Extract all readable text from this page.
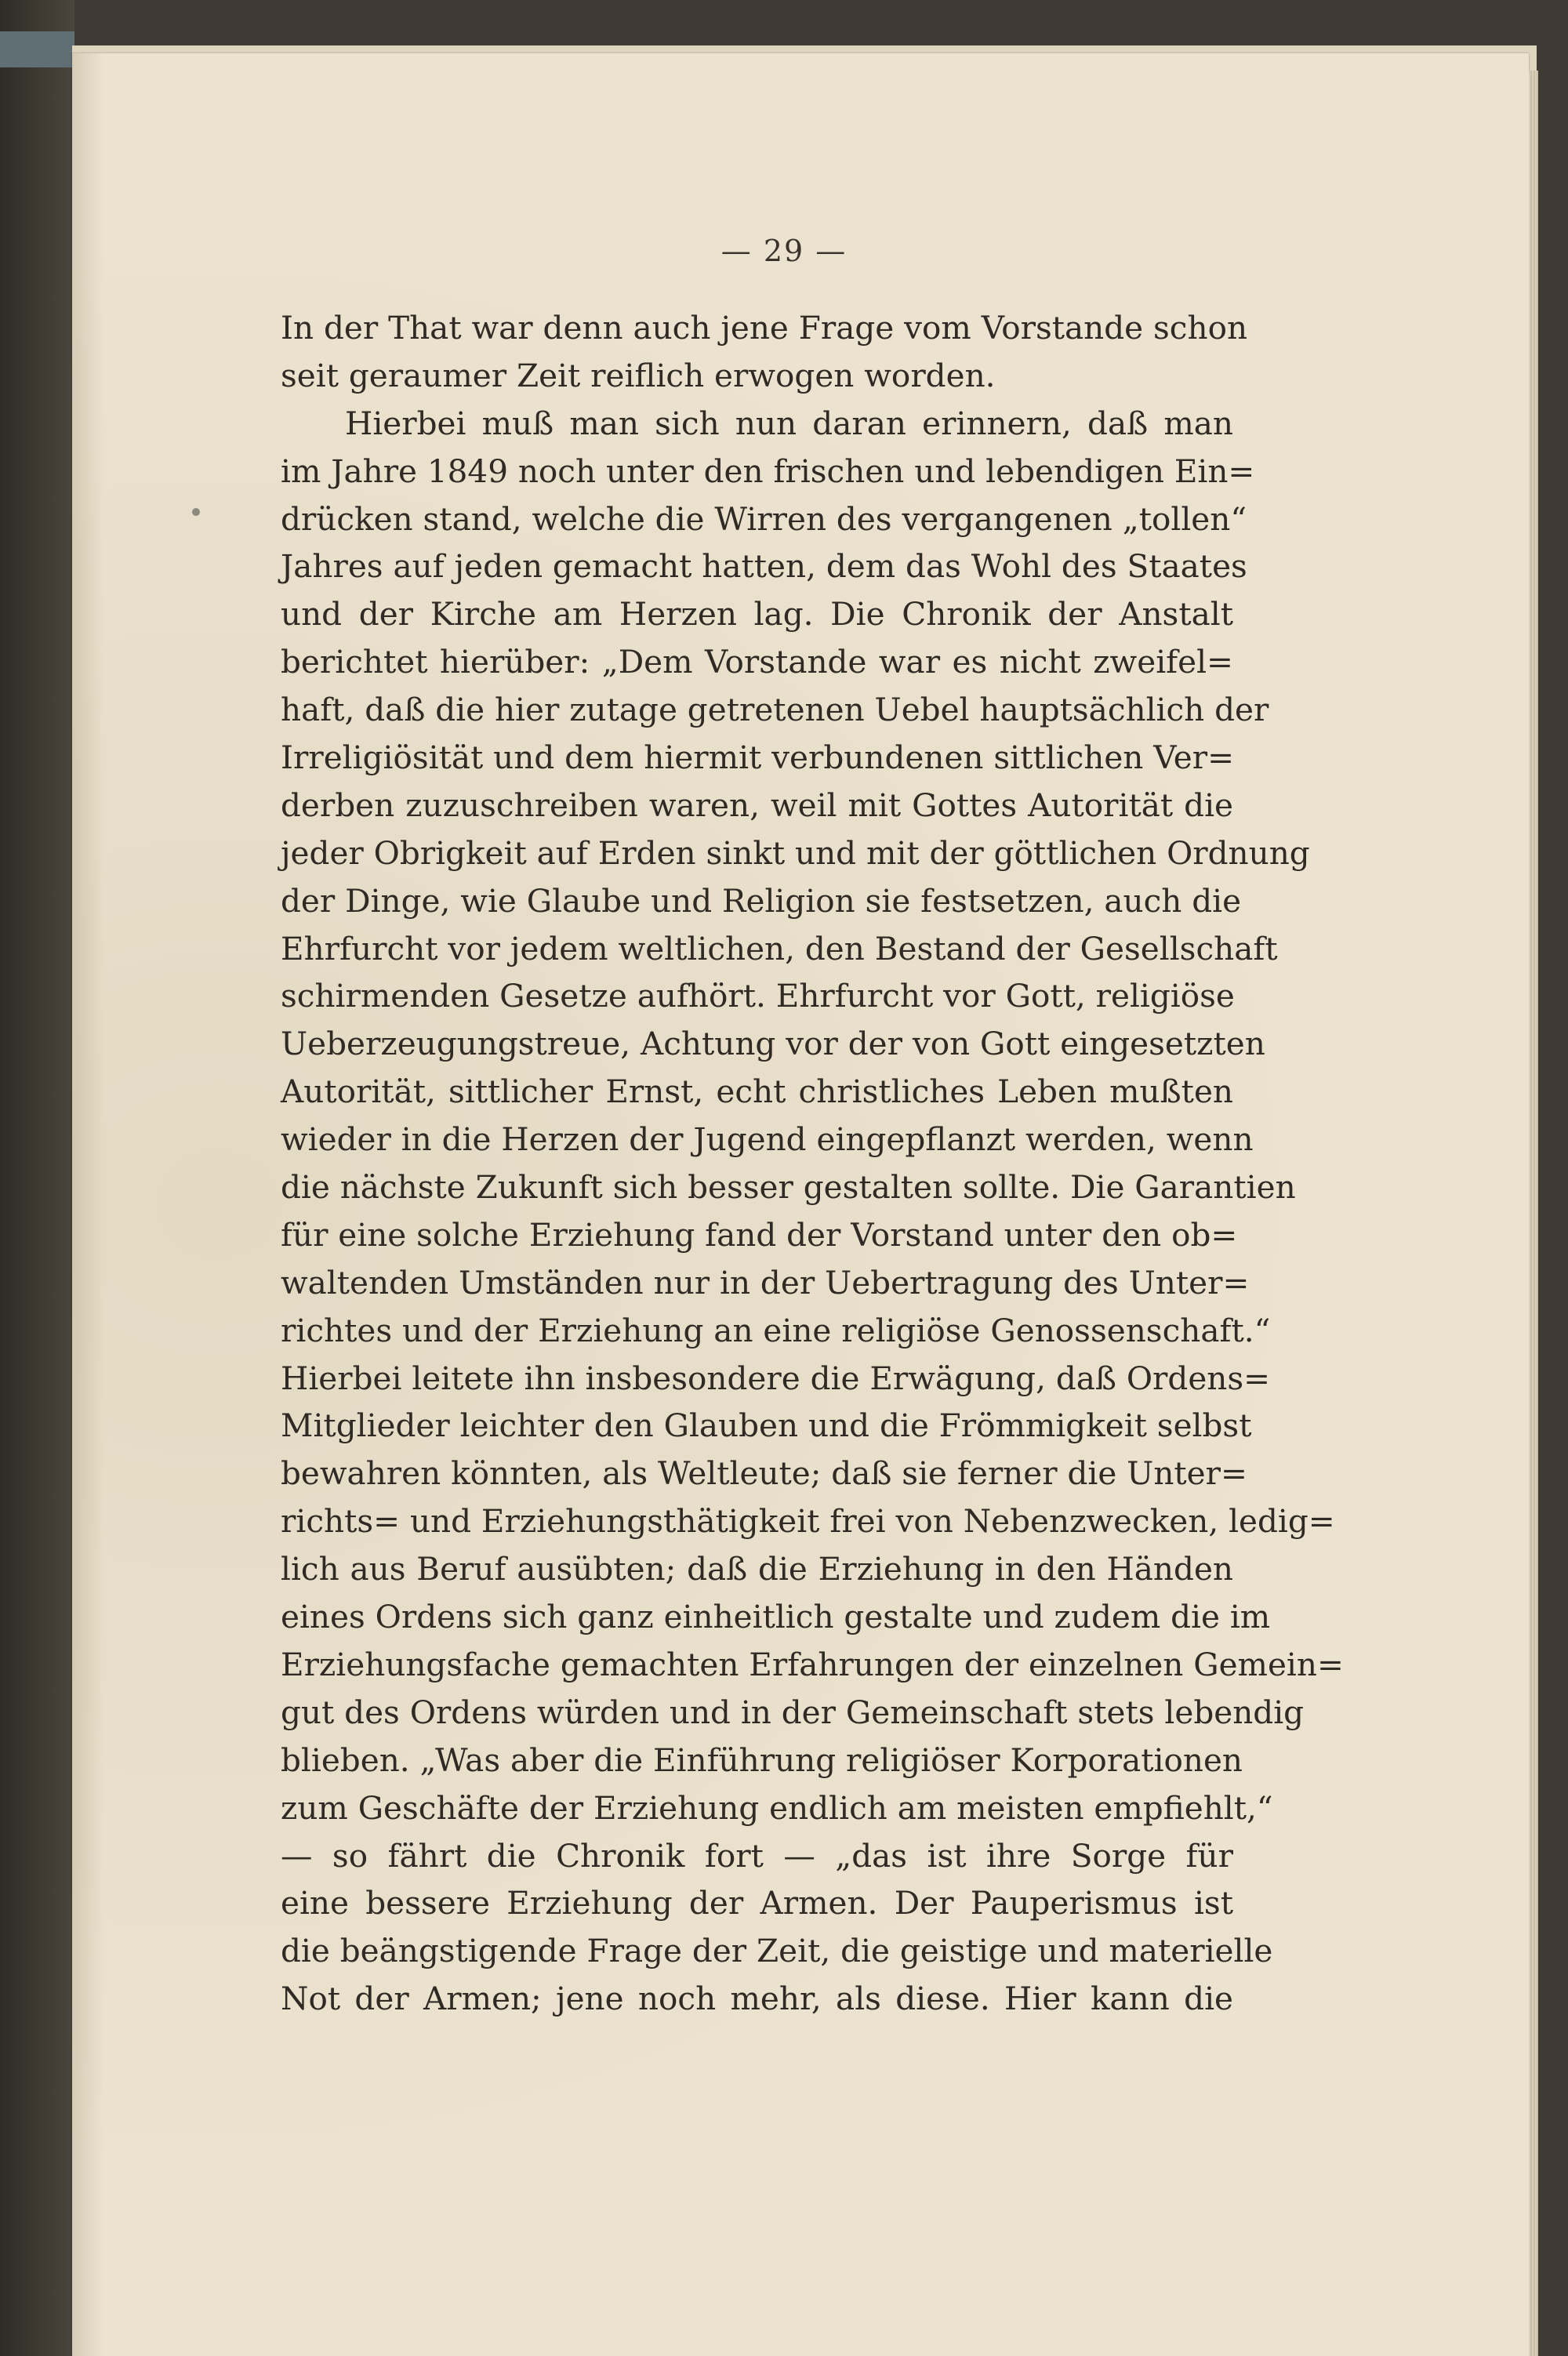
— 29 —
In der That war denn auch jene Frage vom Vorstande schon
seit geraumer Zeit reiflich erwogen worden.
Hierbei muß man sich nun daran erinnern, daß man
im Jahre 1849 noch unter den frischen und lebendigen Ein=
drücken stand, welche die Wirren des vergangenen „tollen“
Jahres auf jeden gemacht hatten, dem das Wohl des Staates
und der Kirche am Herzen lag. Die Chronik der Anstalt
berichtet hierüber: „Dem Vorstande war es nicht zweifel=
haft, daß die hier zutage getretenen Uebel hauptsächlich der
Irreligiösität und dem hiermit verbundenen sittlichen Ver=
derben zuzuschreiben waren, weil mit Gottes Autorität die
jeder Obrigkeit auf Erden sinkt und mit der göttlichen Ordnung
der Dinge, wie Glaube und Religion sie festsetzen, auch die
Ehrfurcht vor jedem weltlichen, den Bestand der Gesellschaft
schirmenden Gesetze aufhört. Ehrfurcht vor Gott, religiöse
Ueberzeugungstreue, Achtung vor der von Gott eingesetzten
Autorität, sittlicher Ernst, echt christliches Leben mußten
wieder in die Herzen der Jugend eingepflanzt werden, wenn
die nächste Zukunft sich besser gestalten sollte. Die Garantien
für eine solche Erziehung fand der Vorstand unter den ob=
waltenden Umständen nur in der Uebertragung des Unter=
richtes und der Erziehung an eine religiöse Genossenschaft.“
Hierbei leitete ihn insbesondere die Erwägung, daß Ordens=
Mitglieder leichter den Glauben und die Frömmigkeit selbst
bewahren könnten, als Weltleute; daß sie ferner die Unter=
richts= und Erziehungsthätigkeit frei von Nebenzwecken, ledig=
lich aus Beruf ausübten; daß die Erziehung in den Händen
eines Ordens sich ganz einheitlich gestalte und zudem die im
Erziehungsfache gemachten Erfahrungen der einzelnen Gemein=
gut des Ordens würden und in der Gemeinschaft stets lebendig
blieben. „Was aber die Einführung religiöser Korporationen
zum Geschäfte der Erziehung endlich am meisten empfiehlt,“
— so fährt die Chronik fort — „das ist ihre Sorge für
eine bessere Erziehung der Armen. Der Pauperismus ist
die beängstigende Frage der Zeit, die geistige und materielle
Not der Armen; jene noch mehr, als diese. Hier kann die
